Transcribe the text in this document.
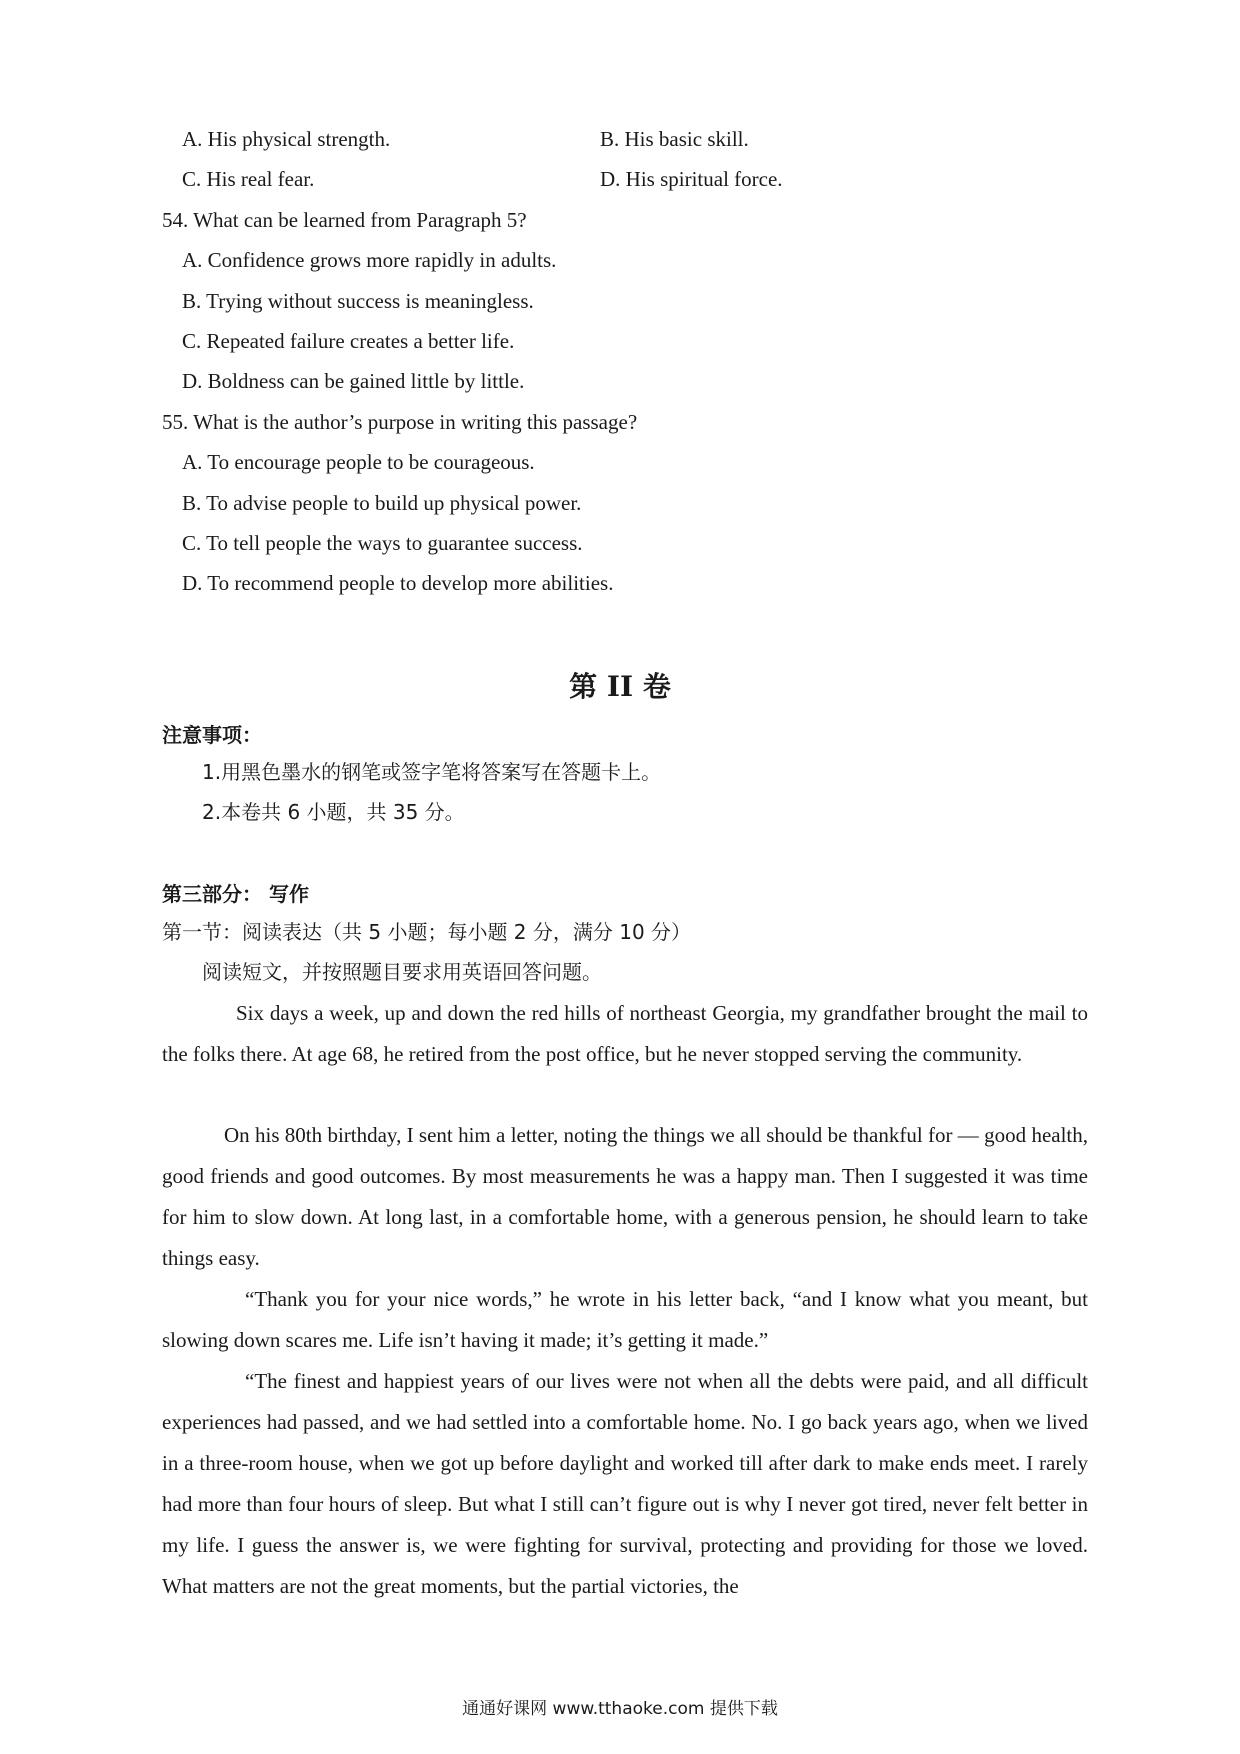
A. His physical strength.	B. His basic skill.
C. His real fear.	D. His spiritual force.
54. What can be learned from Paragraph 5?
A. Confidence grows more rapidly in adults.
B. Trying without success is meaningless.
C. Repeated failure creates a better life.
D. Boldness can be gained little by little.
55. What is the author’s purpose in writing this passage?
A. To encourage people to be courageous.
B. To advise people to build up physical power.
C. To tell people the ways to guarantee success.
D. To recommend people to develop more abilities.
第 II 卷
注意事项：
1.用黑色墨水的钢笔或签字笔将答案写在答题卡上。
2.本卷共 6 小题，共 35 分。
第三部分： 写作
第一节：阅读表达（共 5 小题；每小题 2 分，满分 10 分）
阅读短文，并按照题目要求用英语回答问题。

Six days a week, up and down the red hills of northeast Georgia, my grandfather brought the mail to the folks there. At age 68, he retired from the post office, but he never stopped serving the community.

On his 80th birthday, I sent him a letter, noting the things we all should be thankful for — good health, good friends and good outcomes. By most measurements he was a happy man. Then I suggested it was time for him to slow down. At long last, in a comfortable home, with a generous pension, he should learn to take things easy.

“Thank you for your nice words,” he wrote in his letter back, “and I know what you meant, but slowing down scares me. Life isn’t having it made; it’s getting it made.”

“The finest and happiest years of our lives were not when all the debts were paid, and all difficult experiences had passed, and we had settled into a comfortable home. No. I go back years ago, when we lived in a three-room house, when we got up before daylight and worked till after dark to make ends meet. I rarely had more than four hours of sleep. But what I still can’t figure out is why I never got tired, never felt better in my life. I guess the answer is, we were fighting for survival, protecting and providing for those we loved. What matters are not the great moments, but the partial victories, the

通通好课网 www.tthaoke.com 提供下载
